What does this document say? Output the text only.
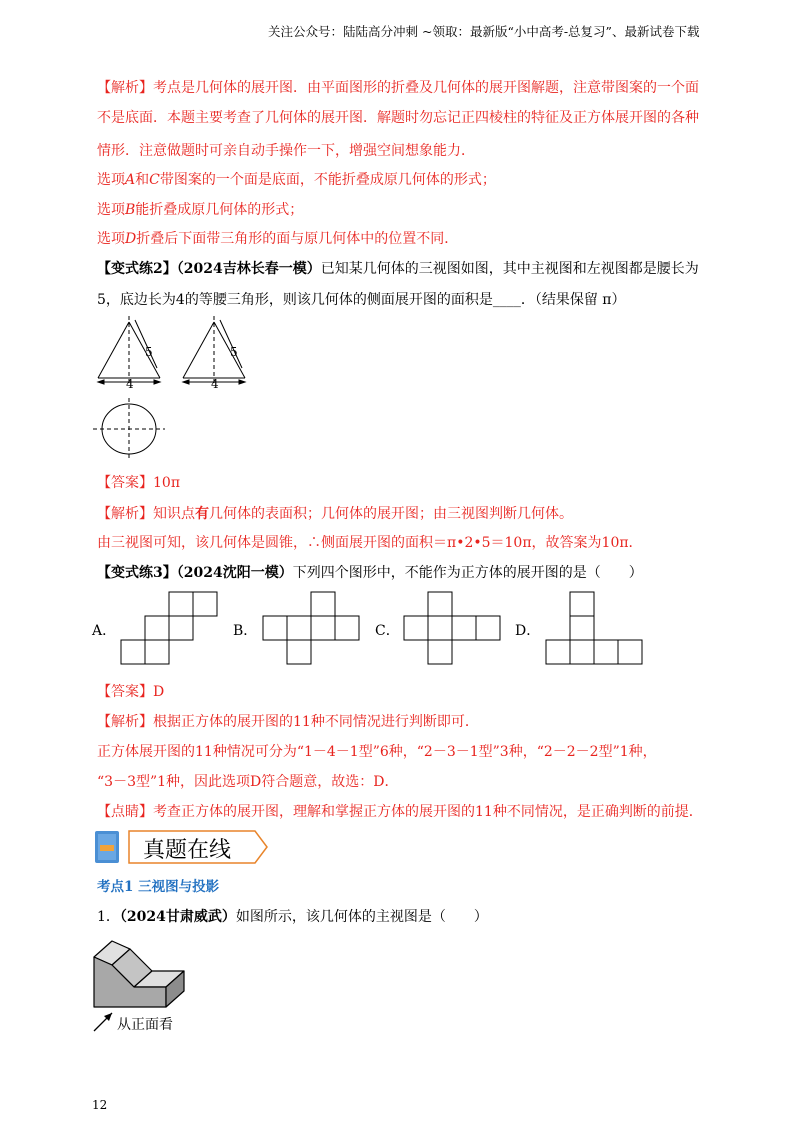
关注公众号：陆陆高分冲刺 ~领取：最新版“小中高考-总复习”、最新试卷下载
【解析】考点是几何体的展开图．由平面图形的折叠及几何体的展开图解题，注意带图案的一个面
不是底面．本题主要考查了几何体的展开图．解题时勿忘记正四棱柱的特征及正方体展开图的各种
情形．注意做题时可亲自动手操作一下，增强空间想象能力．
选项A和C带图案的一个面是底面，不能折叠成原几何体的形式；
选项B能折叠成原几何体的形式；
选项D折叠后下面带三角形的面与原几何体中的位置不同．
【变式练2】（2024吉林长春一模）已知某几何体的三视图如图，其中主视图和左视图都是腰长为
5，底边长为4的等腰三角形，则该几何体的侧面展开图的面积是____．（结果保留 π）
4
5
4
5
【答案】10π
【解析】知识点有几何体的表面积；几何体的展开图；由三视图判断几何体。
由三视图可知，该几何体是圆锥，∴侧面展开图的面积＝π•2•5＝10π，故答案为10π．
【变式练3】（2024沈阳一模）下列四个图形中，不能作为正方体的展开图的是（　　）
A．	B．	C．	D．
【答案】D
【解析】根据正方体的展开图的11种不同情况进行判断即可．
正方体展开图的11种情况可分为“1－4－1型”6种，“2－3－1型”3种，“2－2－2型”1种，
“3－3型”1种，因此选项D符合题意，故选：D．
【点睛】考查正方体的展开图，理解和掌握正方体的展开图的11种不同情况，是正确判断的前提．
真题在线
考点1 三视图与投影
1．（2024甘肃威武）如图所示，该几何体的主视图是（　　）
从正面看
12
